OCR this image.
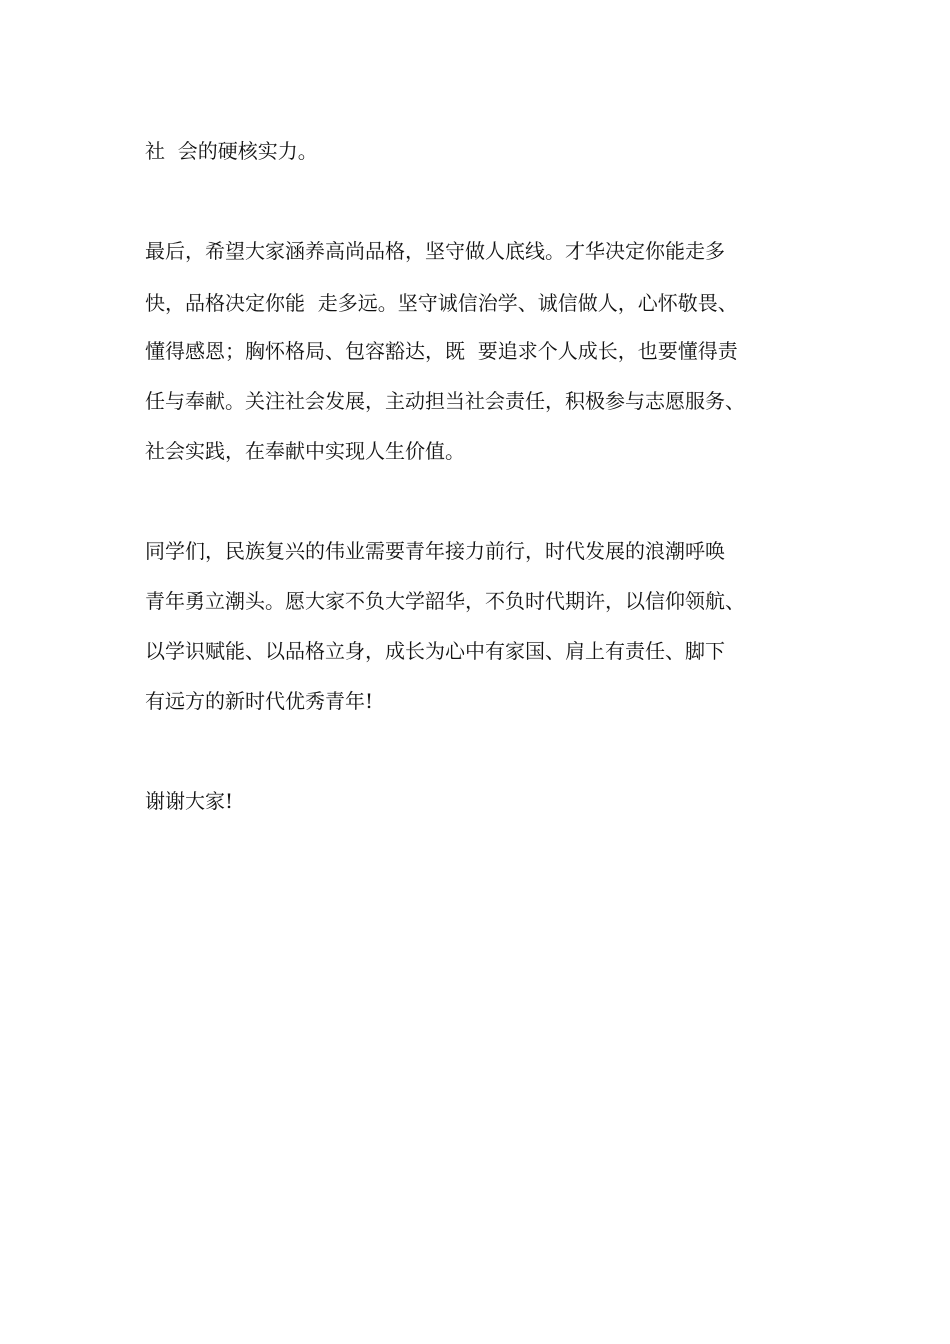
社  会的硬核实力。

最后，希望大家涵养高尚品格，坚守做人底线。才华决定你能走多

快，品格决定你能  走多远。坚守诚信治学、诚信做人，心怀敬畏、

懂得感恩；胸怀格局、包容豁达，既  要追求个人成长，也要懂得责

任与奉献。关注社会发展，主动担当社会责任，积极参与志愿服务、

社会实践，在奉献中实现人生价值。

同学们，民族复兴的伟业需要青年接力前行，时代发展的浪潮呼唤

青年勇立潮头。愿大家不负大学韶华，不负时代期许，以信仰领航、

以学识赋能、以品格立身，成长为心中有家国、肩上有责任、脚下

有远方的新时代优秀青年!

谢谢大家!
